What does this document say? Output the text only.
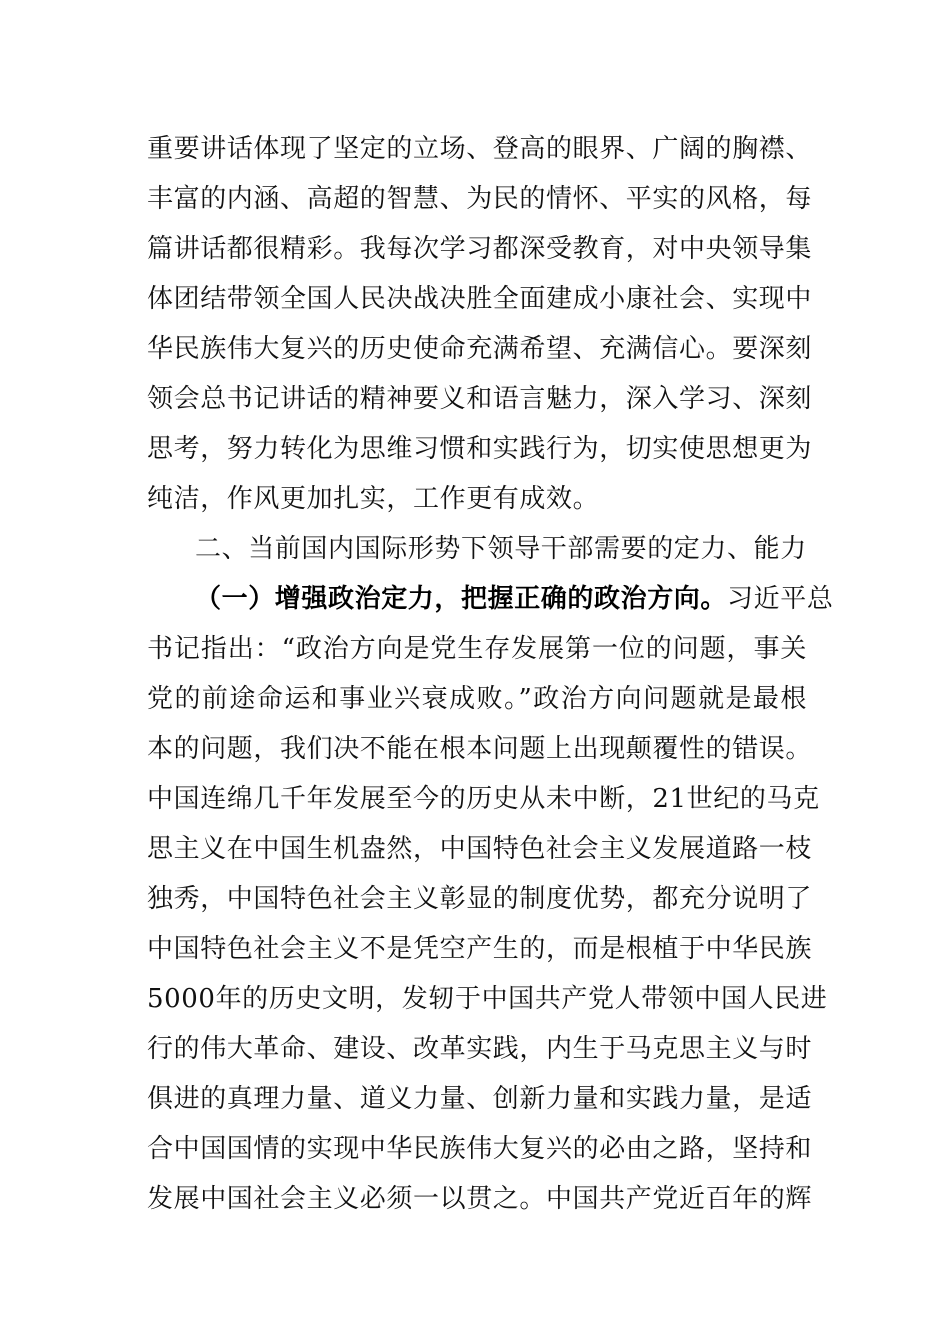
重要讲话体现了坚定的立场、登高的眼界、广阔的胸襟、
丰富的内涵、高超的智慧、为民的情怀、平实的风格，每
篇讲话都很精彩。我每次学习都深受教育，对中央领导集
体团结带领全国人民决战决胜全面建成小康社会、实现中
华民族伟大复兴的历史使命充满希望、充满信心。要深刻
领会总书记讲话的精神要义和语言魅力，深入学习、深刻
思考，努力转化为思维习惯和实践行为，切实使思想更为
纯洁，作风更加扎实，工作更有成效。
二、当前国内国际形势下领导干部需要的定力、能力
（一）增强政治定力，把握正确的政治方向。习近平总
书记指出：“政治方向是党生存发展第一位的问题，事关
党的前途命运和事业兴衰成败。”政治方向问题就是最根
本的问题，我们决不能在根本问题上出现颠覆性的错误。
中国连绵几千年发展至今的历史从未中断，21世纪的马克
思主义在中国生机盎然，中国特色社会主义发展道路一枝
独秀，中国特色社会主义彰显的制度优势，都充分说明了
中国特色社会主义不是凭空产生的，而是根植于中华民族
5000年的历史文明，发轫于中国共产党人带领中国人民进
行的伟大革命、建设、改革实践，内生于马克思主义与时
俱进的真理力量、道义力量、创新力量和实践力量，是适
合中国国情的实现中华民族伟大复兴的必由之路，坚持和
发展中国社会主义必须一以贯之。中国共产党近百年的辉
